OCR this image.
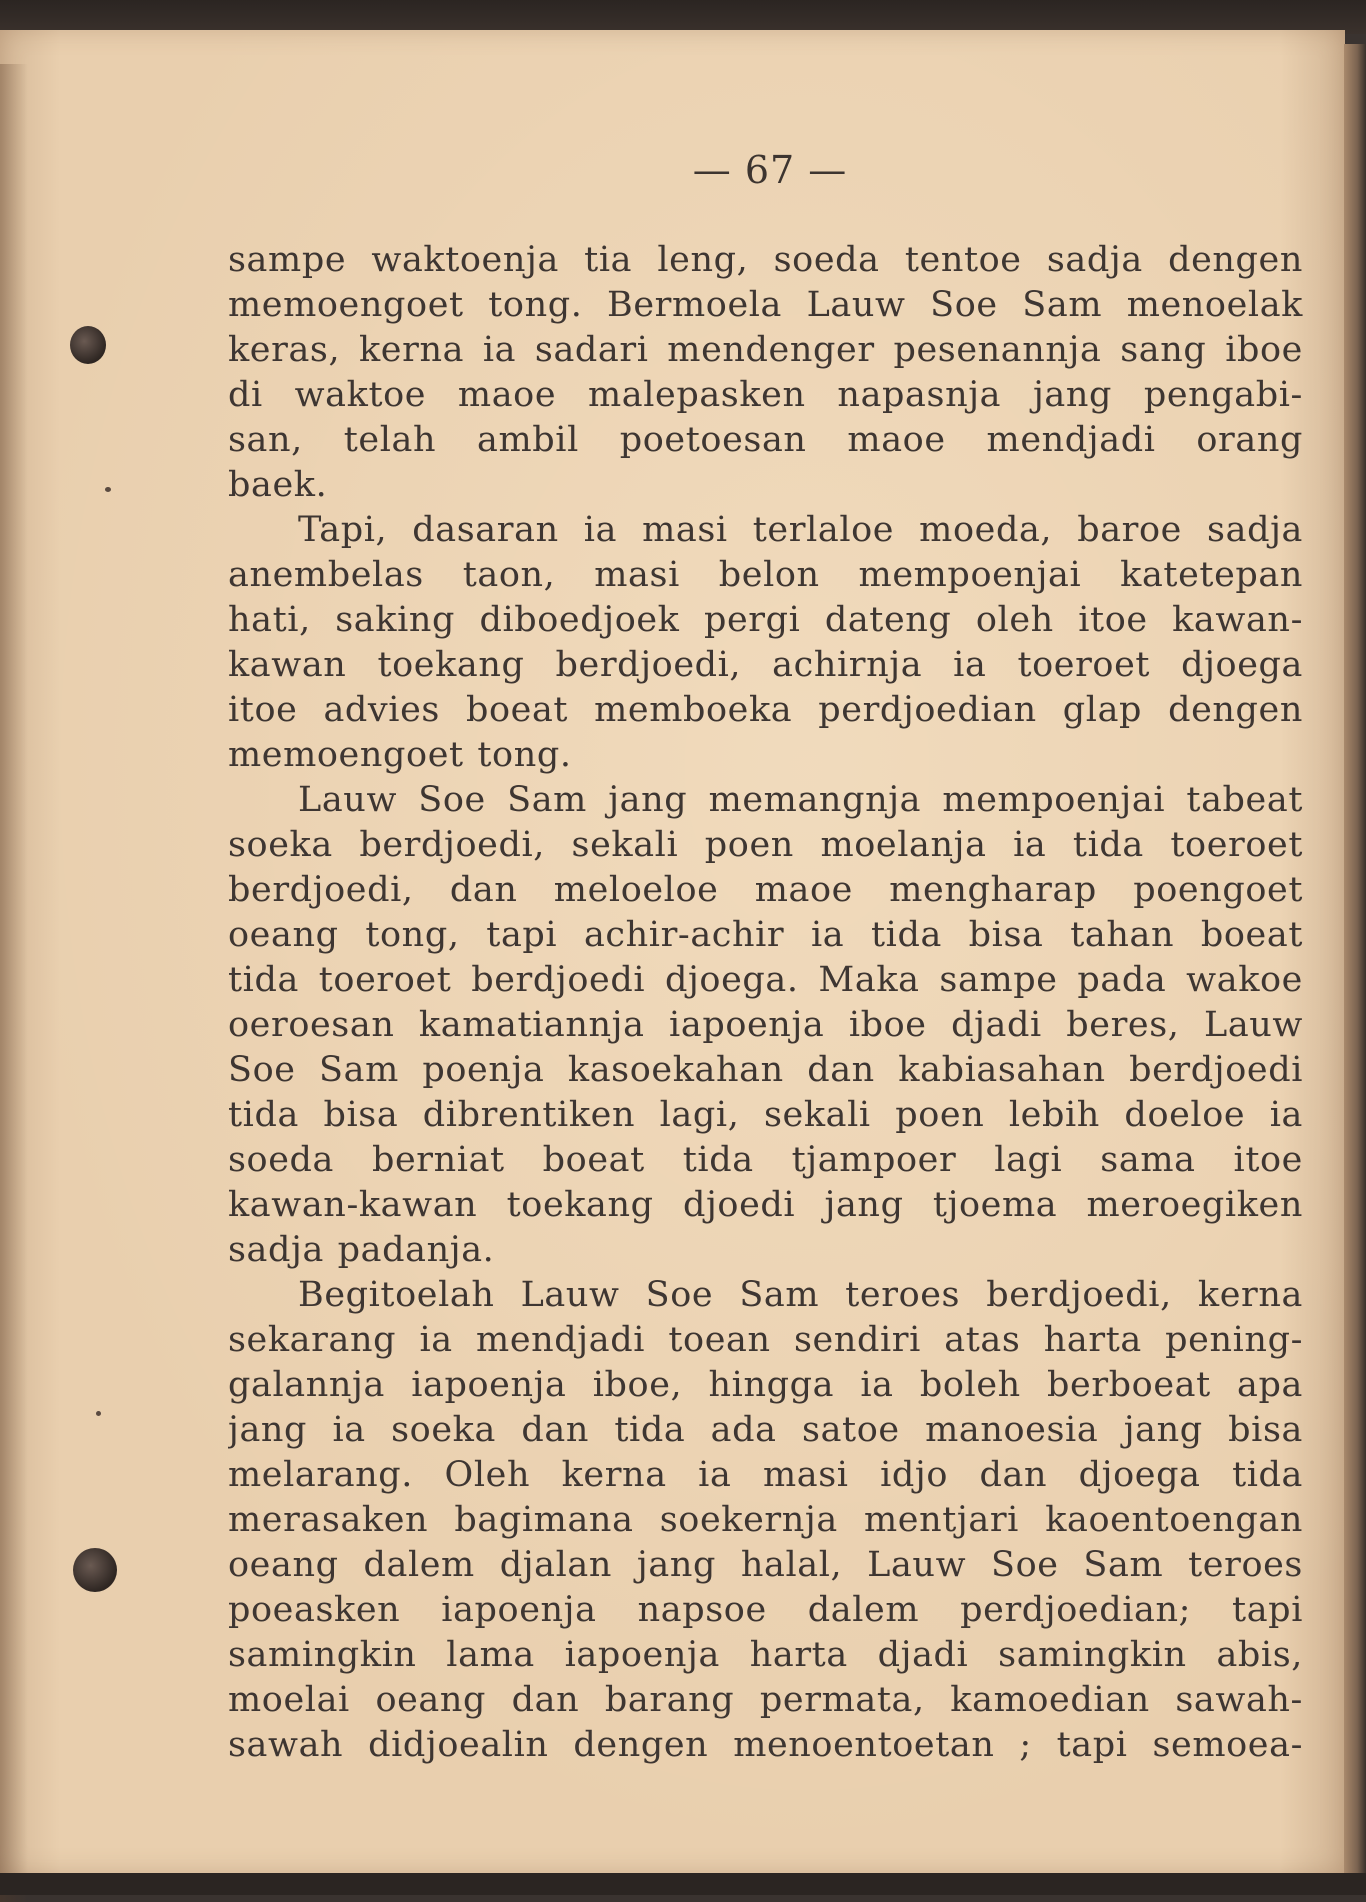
— 67 —
sampe waktoenja tia leng, soeda tentoe sadja dengen
memoengoet tong. Bermoela Lauw Soe Sam menoelak
keras, kerna ia sadari mendenger pesenannja sang iboe
di waktoe maoe malepasken napasnja jang pengabi-
san, telah ambil poetoesan maoe mendjadi orang
baek.
Tapi, dasaran ia masi terlaloe moeda, baroe sadja
anembelas taon, masi belon mempoenjai katetepan
hati, saking diboedjoek pergi dateng oleh itoe kawan-
kawan toekang berdjoedi, achirnja ia toeroet djoega
itoe advies boeat memboeka perdjoedian glap dengen
memoengoet tong.
Lauw Soe Sam jang memangnja mempoenjai tabeat
soeka berdjoedi, sekali poen moelanja ia tida toeroet
berdjoedi, dan meloeloe maoe mengharap poengoet
oeang tong, tapi achir-achir ia tida bisa tahan boeat
tida toeroet berdjoedi djoega. Maka sampe pada wakoe
oeroesan kamatiannja iapoenja iboe djadi beres, Lauw
Soe Sam poenja kasoekahan dan kabiasahan berdjoedi
tida bisa dibrentiken lagi, sekali poen lebih doeloe ia
soeda berniat boeat tida tjampoer lagi sama itoe
kawan-kawan toekang djoedi jang tjoema meroegiken
sadja padanja.
Begitoelah Lauw Soe Sam teroes berdjoedi, kerna
sekarang ia mendjadi toean sendiri atas harta pening-
galannja iapoenja iboe, hingga ia boleh berboeat apa
jang ia soeka dan tida ada satoe manoesia jang bisa
melarang. Oleh kerna ia masi idjo dan djoega tida
merasaken bagimana soekernja mentjari kaoentoengan
oeang dalem djalan jang halal, Lauw Soe Sam teroes
poeasken iapoenja napsoe dalem perdjoedian; tapi
samingkin lama iapoenja harta djadi samingkin abis,
moelai oeang dan barang permata, kamoedian sawah-
sawah didjoealin dengen menoentoetan ; tapi semoea-
